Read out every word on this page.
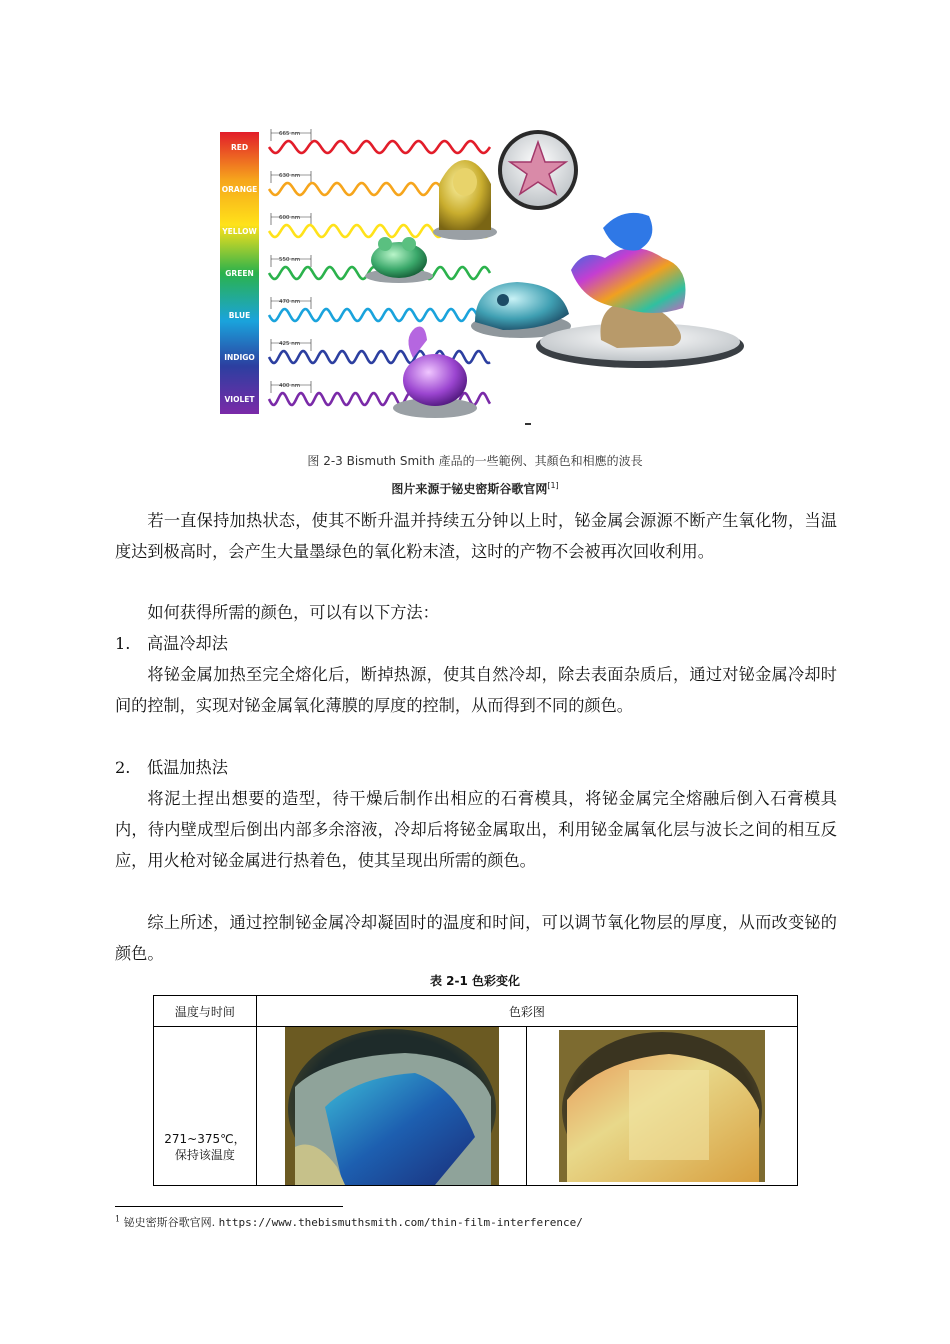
RED
665 nm
ORANGE
630 nm
YELLOW
600 nm
GREEN
550 nm
BLUE
470 nm
INDIGO
425 nm
VIOLET
400 nm
图 2-3 Bismuth Smith 產品的一些範例、其顏色和相應的波長
图片来源于铋史密斯谷歌官网[1]
若一直保持加热状态，使其不断升温并持续五分钟以上时，铋金属会源源不断产生氧化物，当温度达到极高时，会产生大量墨绿色的氧化粉末渣，这时的产物不会被再次回收利用。
如何获得所需的颜色，可以有以下方法：
1. 高温冷却法
将铋金属加热至完全熔化后，断掉热源，使其自然冷却，除去表面杂质后，通过对铋金属冷却时间的控制，实现对铋金属氧化薄膜的厚度的控制，从而得到不同的颜色。
2. 低温加热法
将泥土捏出想要的造型，待干燥后制作出相应的石膏模具，将铋金属完全熔融后倒入石膏模具内，待内壁成型后倒出内部多余溶液，冷却后将铋金属取出，利用铋金属氧化层与波长之间的相互反应，用火枪对铋金属进行热着色，使其呈现出所需的颜色。
综上所述，通过控制铋金属冷却凝固时的温度和时间，可以调节氧化物层的厚度，从而改变铋的颜色。
表 2-1 色彩变化
温度与时间	色彩图	

271~375℃，保持该温度

$^1$ 铋史密斯谷歌官网. https://www.thebismuthsmith.com/thin-film-interference/
